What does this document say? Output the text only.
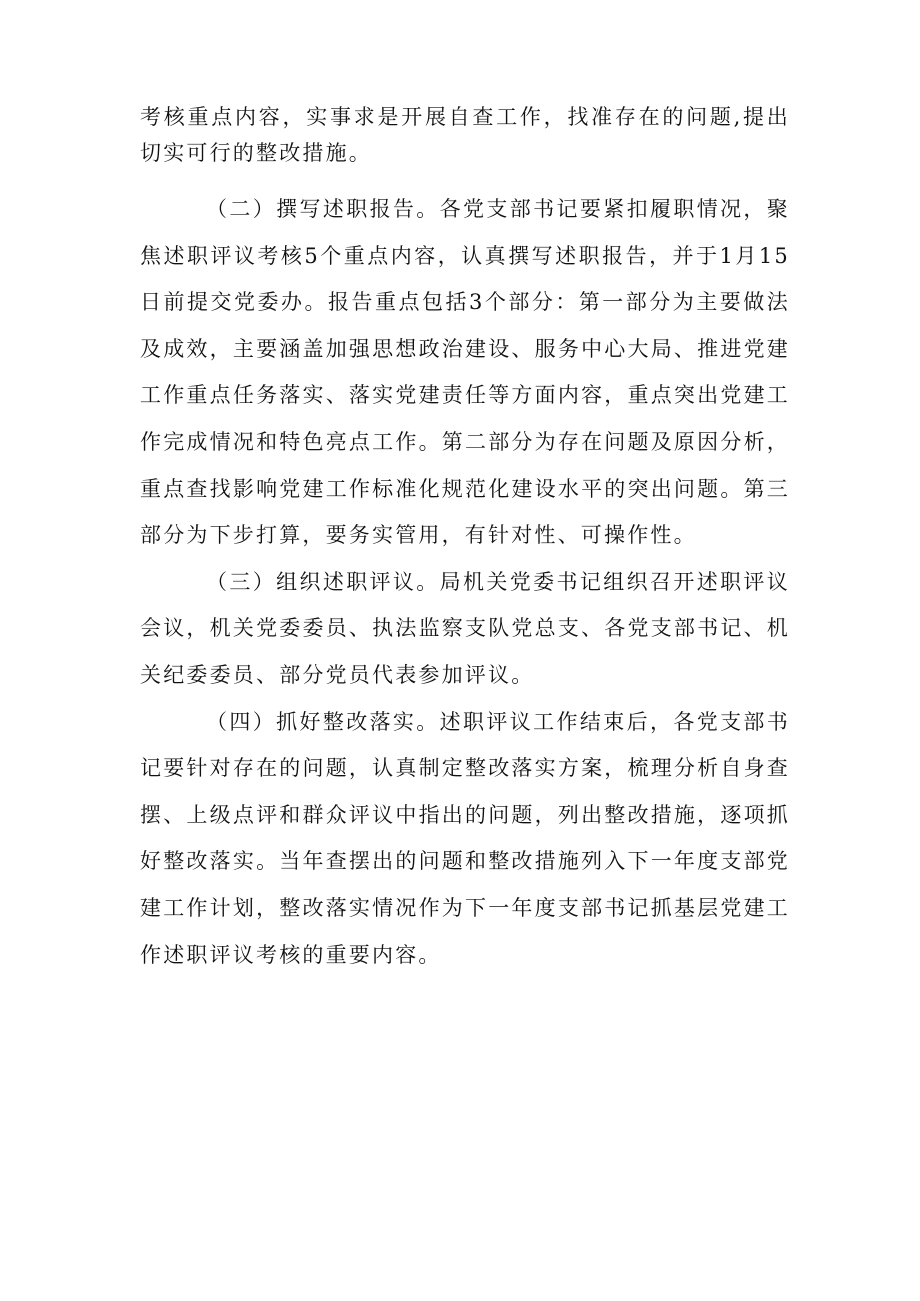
考核重点内容，实事求是开展自查工作，找准存在的问题,提出
切实可行的整改措施。
（二）撰写述职报告。各党支部书记要紧扣履职情况，聚
焦述职评议考核5个重点内容，认真撰写述职报告，并于1月15
日前提交党委办。报告重点包括3个部分：第一部分为主要做法
及成效，主要涵盖加强思想政治建设、服务中心大局、推进党建
工作重点任务落实、落实党建责任等方面内容，重点突出党建工
作完成情况和特色亮点工作。第二部分为存在问题及原因分析，
重点查找影响党建工作标准化规范化建设水平的突出问题。第三
部分为下步打算，要务实管用，有针对性、可操作性。
（三）组织述职评议。局机关党委书记组织召开述职评议
会议，机关党委委员、执法监察支队党总支、各党支部书记、机
关纪委委员、部分党员代表参加评议。
（四）抓好整改落实。述职评议工作结束后，各党支部书
记要针对存在的问题，认真制定整改落实方案，梳理分析自身查
摆、上级点评和群众评议中指出的问题，列出整改措施，逐项抓
好整改落实。当年查摆出的问题和整改措施列入下一年度支部党
建工作计划，整改落实情况作为下一年度支部书记抓基层党建工
作述职评议考核的重要内容。
